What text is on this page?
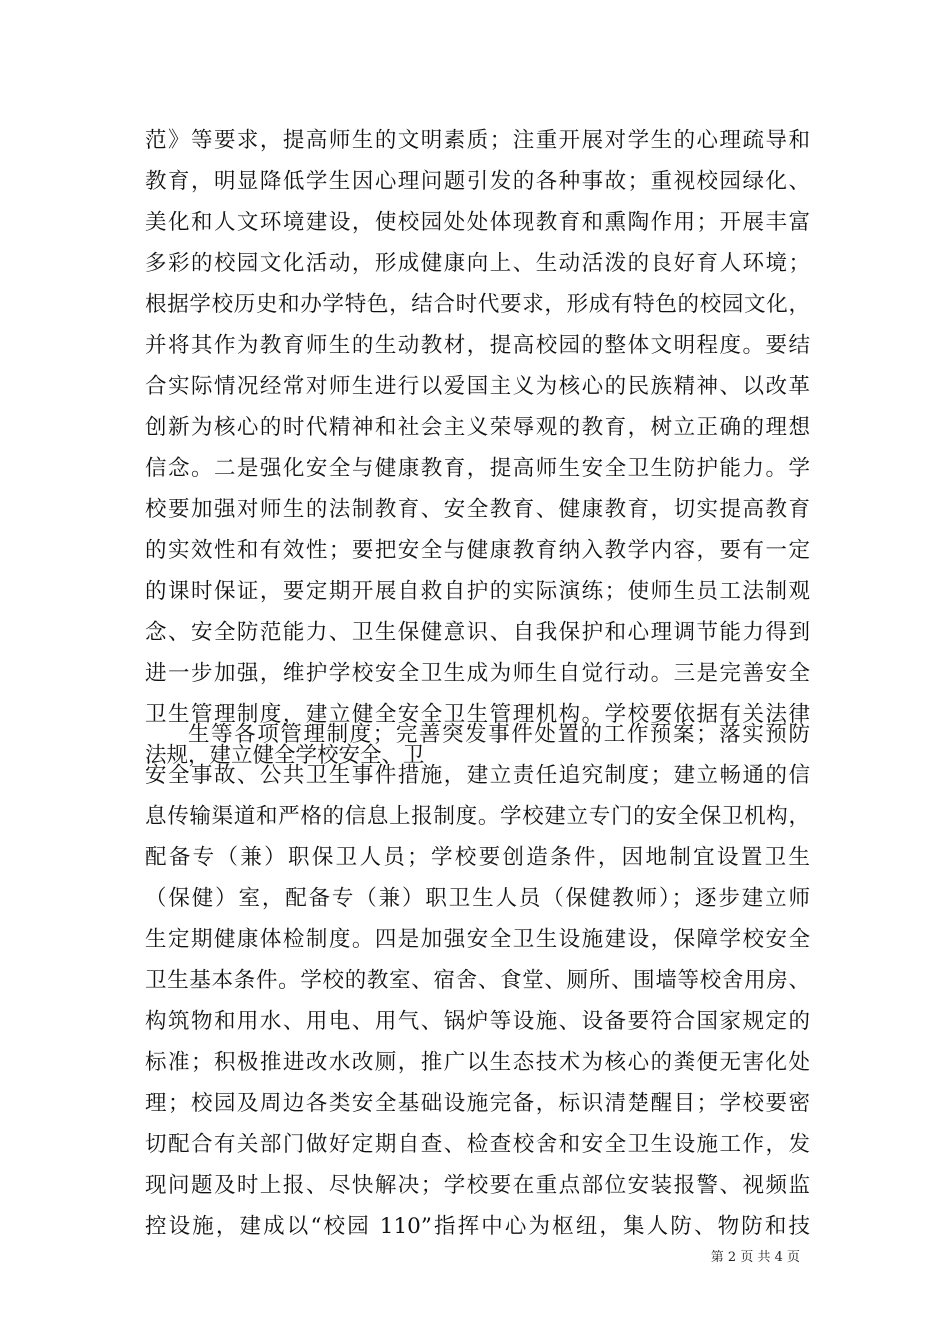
范》等要求，提高师生的文明素质；注重开展对学生的心理疏导和
教育，明显降低学生因心理问题引发的各种事故；重视校园绿化、
美化和人文环境建设，使校园处处体现教育和熏陶作用；开展丰富
多彩的校园文化活动，形成健康向上、生动活泼的良好育人环境；
根据学校历史和办学特色，结合时代要求，形成有特色的校园文化，
并将其作为教育师生的生动教材，提高校园的整体文明程度。要结
合实际情况经常对师生进行以爱国主义为核心的民族精神、以改革
创新为核心的时代精神和社会主义荣辱观的教育，树立正确的理想
信念。二是强化安全与健康教育，提高师生安全卫生防护能力。学
校要加强对师生的法制教育、安全教育、健康教育，切实提高教育
的实效性和有效性；要把安全与健康教育纳入教学内容，要有一定
的课时保证，要定期开展自救自护的实际演练；使师生员工法制观
念、安全防范能力、卫生保健意识、自我保护和心理调节能力得到
进一步加强，维护学校安全卫生成为师生自觉行动。三是完善安全
卫生管理制度，建立健全安全卫生管理机构。学校要依据有关法律
法规，建立健全学校安全、卫
生等各项管理制度；完善突发事件处置的工作预案；落实预防
安全事故、公共卫生事件措施，建立责任追究制度；建立畅通的信
息传输渠道和严格的信息上报制度。学校建立专门的安全保卫机构，
配备专（兼）职保卫人员；学校要创造条件，因地制宜设置卫生
（保健）室，配备专（兼）职卫生人员（保健教师）；逐步建立师
生定期健康体检制度。四是加强安全卫生设施建设，保障学校安全
卫生基本条件。学校的教室、宿舍、食堂、厕所、围墙等校舍用房、
构筑物和用水、用电、用气、锅炉等设施、设备要符合国家规定的
标准；积极推进改水改厕，推广以生态技术为核心的粪便无害化处
理；校园及周边各类安全基础设施完备，标识清楚醒目；学校要密
切配合有关部门做好定期自查、检查校舍和安全卫生设施工作，发
现问题及时上报、尽快解决；学校要在重点部位安装报警、视频监
控设施，建成以“校园 110”指挥中心为枢纽，集人防、物防和技
第 2 页 共 4 页
